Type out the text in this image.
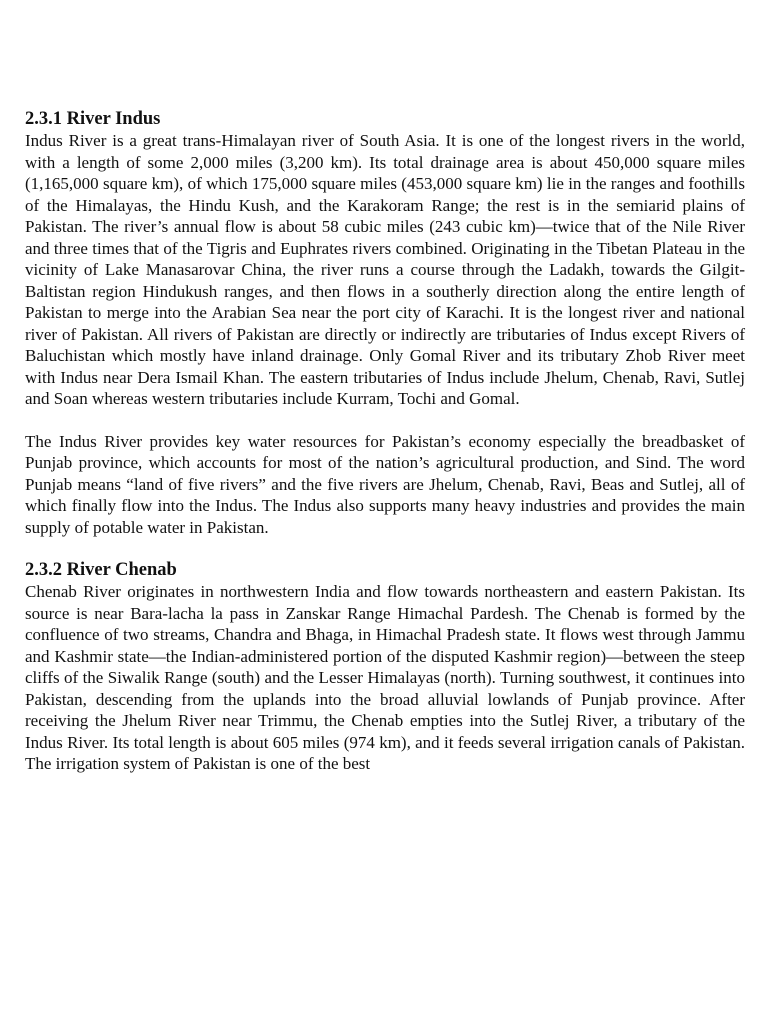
2.3.1 River Indus

Indus River is a great trans-Himalayan river of South Asia. It is one of the longest rivers in the world, with a length of some 2,000 miles (3,200 km). Its total drainage area is about 450,000 square miles (1,165,000 square km), of which 175,000 square miles (453,000 square km) lie in the ranges and foothills of the Himalayas, the Hindu Kush, and the Karakoram Range; the rest is in the semiarid plains of Pakistan. The river’s annual flow is about 58 cubic miles (243 cubic km)—twice that of the Nile River and three times that of the Tigris and Euphrates rivers combined. Originating in the Tibetan Plateau in the vicinity of Lake Manasarovar China, the river runs a course through the Ladakh, towards the Gilgit-Baltistan region Hindukush ranges, and then flows in a southerly direction along the entire length of Pakistan to merge into the Arabian Sea near the port city of Karachi. It is the longest river and national river of Pakistan. All rivers of Pakistan are directly or indirectly are tributaries of Indus except Rivers of Baluchistan which mostly have inland drainage. Only Gomal River and its tributary Zhob River meet with Indus near Dera Ismail Khan. The eastern tributaries of Indus include Jhelum, Chenab, Ravi, Sutlej and Soan whereas western tributaries include Kurram, Tochi and Gomal.

The Indus River provides key water resources for Pakistan’s economy especially the breadbasket of Punjab province, which accounts for most of the nation’s agricultural production, and Sind. The word Punjab means “land of five rivers” and the five rivers are Jhelum, Chenab, Ravi, Beas and Sutlej, all of which finally flow into the Indus. The Indus also supports many heavy industries and provides the main supply of potable water in Pakistan.

2.3.2 River Chenab

Chenab River originates in northwestern India and flow towards northeastern and eastern Pakistan. Its source is near Bara-lacha la pass in Zanskar Range Himachal Pardesh. The Chenab is formed by the confluence of two streams, Chandra and Bhaga, in Himachal Pradesh state. It flows west through Jammu and Kashmir state—the Indian-administered portion of the disputed Kashmir region)—between the steep cliffs of the Siwalik Range (south) and the Lesser Himalayas (north). Turning southwest, it continues into Pakistan, descending from the uplands into the broad alluvial lowlands of Punjab province. After receiving the Jhelum River near Trimmu, the Chenab empties into the Sutlej River, a tributary of the Indus River. Its total length is about 605 miles (974 km), and it feeds several irrigation canals of Pakistan. The irrigation system of Pakistan is one of the best
